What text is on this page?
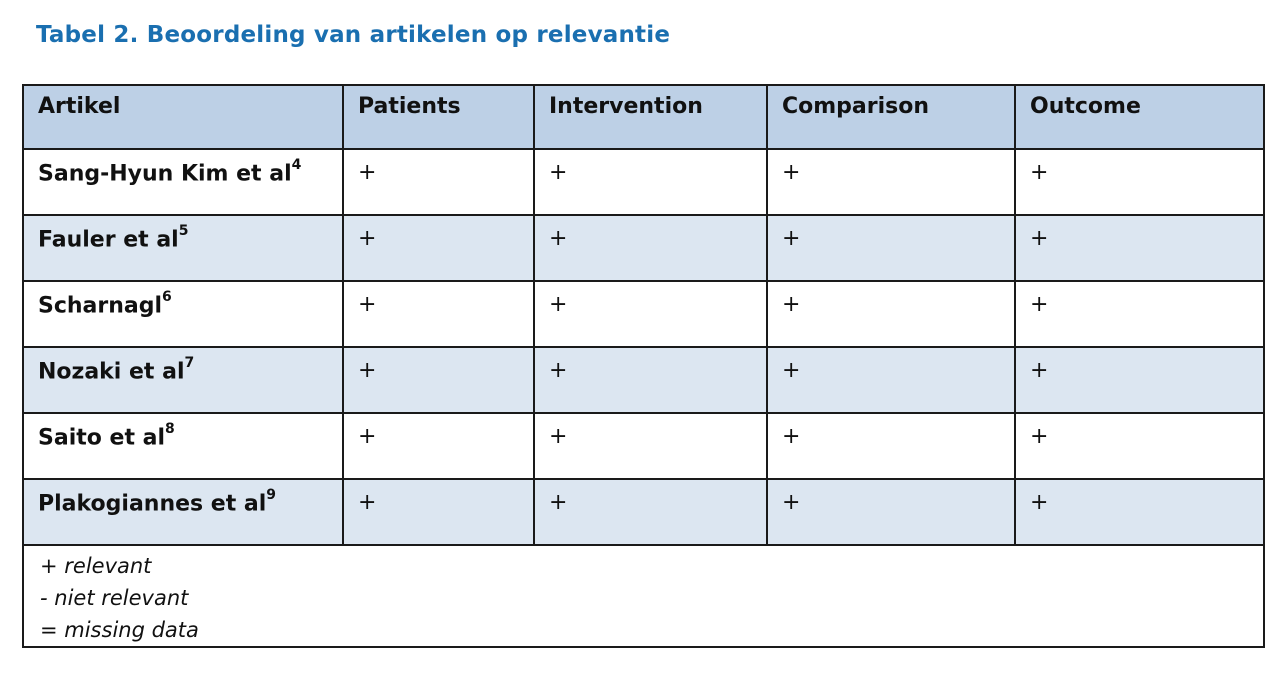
Tabel 2. Beoordeling van artikelen op relevantie
Artikel	Patients	Intervention	Comparison	Outcome
Sang-Hyun Kim et $al^4$	+	+	+	+
Fauler et $al^5$	+	+	+	+
Scharnagl$^6$	+	+	+	+
Nozaki et $al^7$	+	+	+	+
Saito et $al^8$	+	+	+	+
Plakogiannes et $al^9$	+	+	+	+

+ relevant
- niet relevant
= missing data				
